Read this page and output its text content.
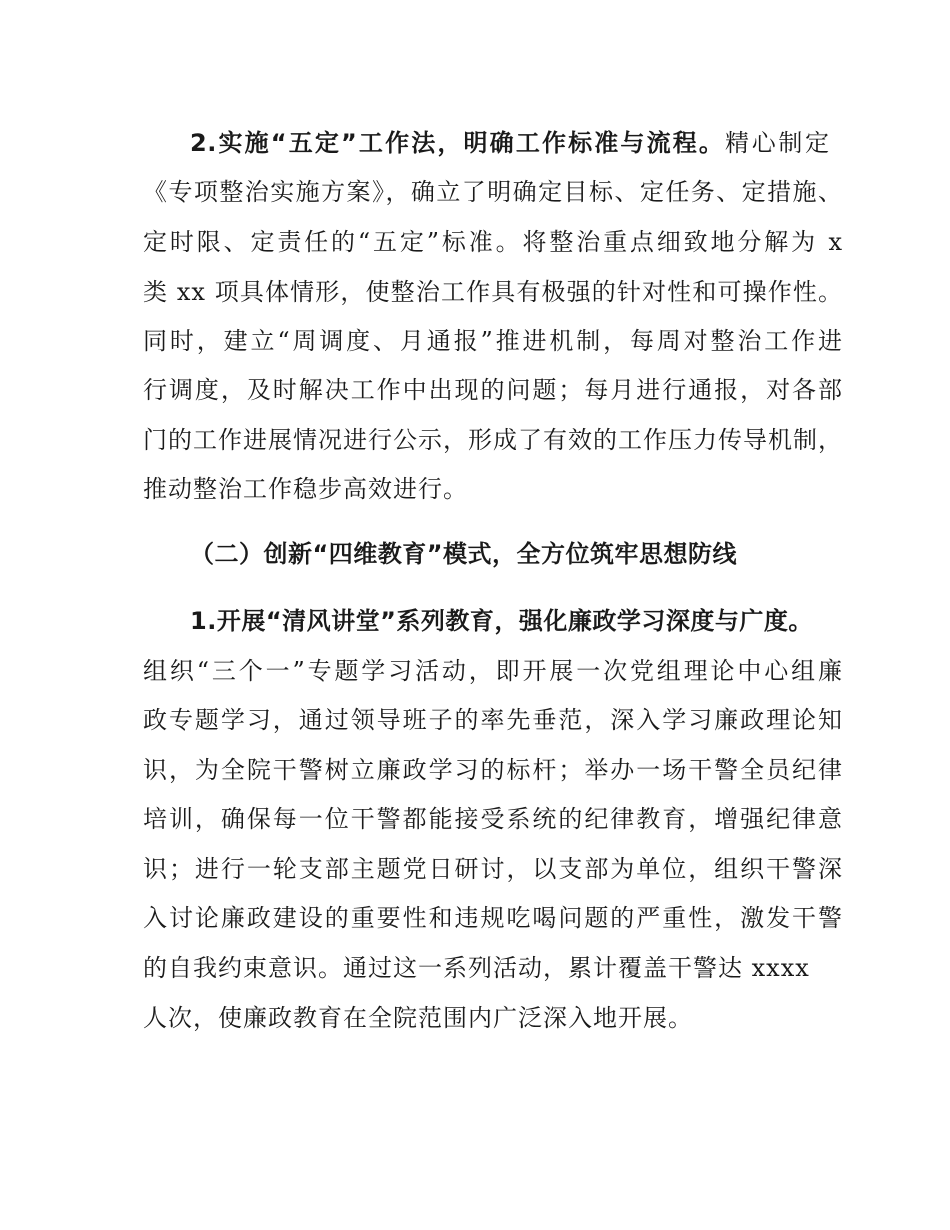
2.实施“五定”工作法，明确工作标准与流程。精心制定
《专项整治实施方案》，确立了明确定目标、定任务、定措施、
定时限、定责任的“五定”标准。将整治重点细致地分解为 x
类 xx 项具体情形，使整治工作具有极强的针对性和可操作性。
同时，建立“周调度、月通报”推进机制，每周对整治工作进
行调度，及时解决工作中出现的问题；每月进行通报，对各部
门的工作进展情况进行公示，形成了有效的工作压力传导机制，
推动整治工作稳步高效进行。
（二）创新“四维教育”模式，全方位筑牢思想防线
1.开展“清风讲堂”系列教育，强化廉政学习深度与广度。
组织“三个一”专题学习活动，即开展一次党组理论中心组廉
政专题学习，通过领导班子的率先垂范，深入学习廉政理论知
识，为全院干警树立廉政学习的标杆；举办一场干警全员纪律
培训，确保每一位干警都能接受系统的纪律教育，增强纪律意
识；进行一轮支部主题党日研讨，以支部为单位，组织干警深
入讨论廉政建设的重要性和违规吃喝问题的严重性，激发干警
的自我约束意识。通过这一系列活动，累计覆盖干警达 xxxx
人次，使廉政教育在全院范围内广泛深入地开展。
